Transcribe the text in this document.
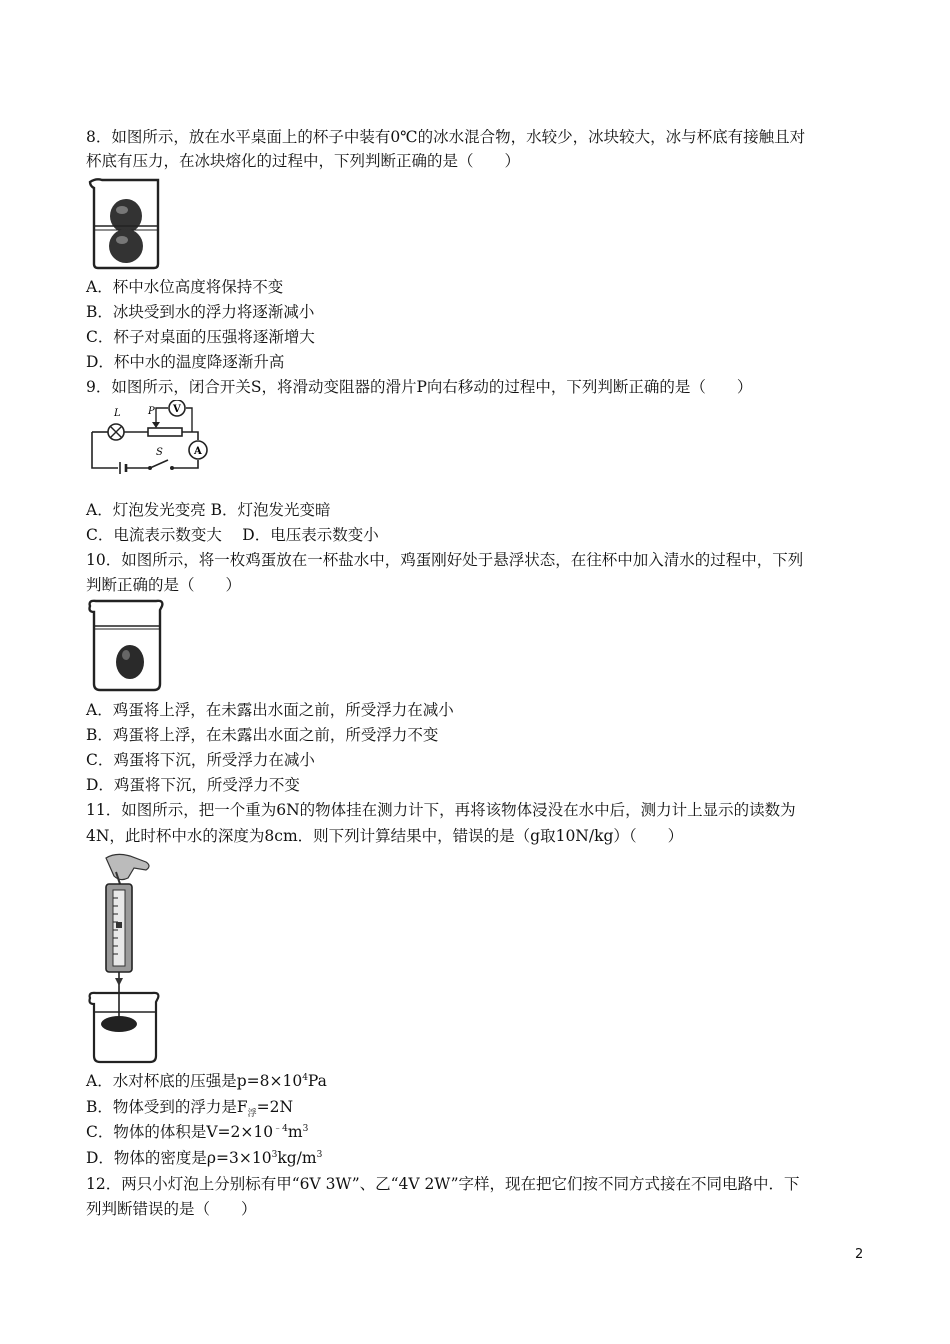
8．如图所示，放在水平桌面上的杯子中装有0℃的冰水混合物，水较少，冰块较大，冰与杯底有接触且对
杯底有压力，在冰块熔化的过程中，下列判断正确的是（　　）
A．杯中水位高度将保持不变
B．冰块受到水的浮力将逐渐减小
C．杯子对桌面的压强将逐渐增大
D．杯中水的温度降逐渐升高
9．如图所示，闭合开关S，将滑动变阻器的滑片P向右移动的过程中，下列判断正确的是（　　）
L	P V
A
S
A．灯泡发光变亮 B．灯泡发光变暗
C．电流表示数变大　 D．电压表示数变小
10．如图所示，将一枚鸡蛋放在一杯盐水中，鸡蛋刚好处于悬浮状态，在往杯中加入清水的过程中，下列
判断正确的是（　　）
A．鸡蛋将上浮，在未露出水面之前，所受浮力在减小
B．鸡蛋将上浮，在未露出水面之前，所受浮力不变
C．鸡蛋将下沉，所受浮力在减小
D．鸡蛋将下沉，所受浮力不变
11．如图所示，把一个重为6N的物体挂在测力计下，再将该物体浸没在水中后，测力计上显示的读数为
4N，此时杯中水的深度为8cm．则下列计算结果中，错误的是（g取10N/kg）（　　）
A．水对杯底的压强是$p=8\times 10^4Pa$
B．物体受到的浮力是$F_浮=2N$
C．物体的体积是$V=2\times 10^{﹣4}m^3$
D．物体的密度是$\rho=3\times 10^3kg/m^3$
12．两只小灯泡上分别标有甲“6V 3W”、乙“4V 2W”字样，现在把它们按不同方式接在不同电路中．下
列判断错误的是（　　）
2
